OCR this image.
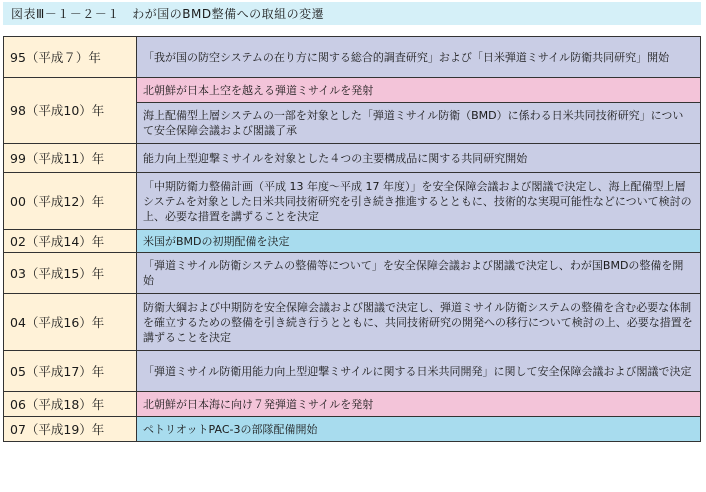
図表Ⅲ－１－２－１　わが国のBMD整備への取組の変遷
95（平成７）年	「我が国の防空システムの在り方に関する総合的調査研究」および「日米弾道ミサイル防衛共同研究」開始
98（平成10）年	北朝鮮が日本上空を越える弾道ミサイルを発射
	海上配備型上層システムの一部を対象とした「弾道ミサイル防衛（BMD）に係わる日米共同技術研究」について安全保障会議および閣議了承
99（平成11）年	能力向上型迎撃ミサイルを対象とした４つの主要構成品に関する共同研究開始
00（平成12）年	「中期防衛力整備計画（平成 13 年度〜平成 17 年度）」を安全保障会議および閣議で決定し、海上配備型上層システムを対象とした日米共同技術研究を引き続き推進するとともに、技術的な実現可能性などについて検討の上、必要な措置を講ずることを決定
02（平成14）年	米国がBMDの初期配備を決定
03（平成15）年	「弾道ミサイル防衛システムの整備等について」を安全保障会議および閣議で決定し、わが国BMDの整備を開始
04（平成16）年	防衛大綱および中期防を安全保障会議および閣議で決定し、弾道ミサイル防衛システムの整備を含む必要な体制を確立するための整備を引き続き行うとともに、共同技術研究の開発への移行について検討の上、必要な措置を講ずることを決定
05（平成17）年	「弾道ミサイル防衛用能力向上型迎撃ミサイルに関する日米共同開発」に関して安全保障会議および閣議で決定
06（平成18）年	北朝鮮が日本海に向け７発弾道ミサイルを発射
07（平成19）年	ペトリオットPAC-3の部隊配備開始
